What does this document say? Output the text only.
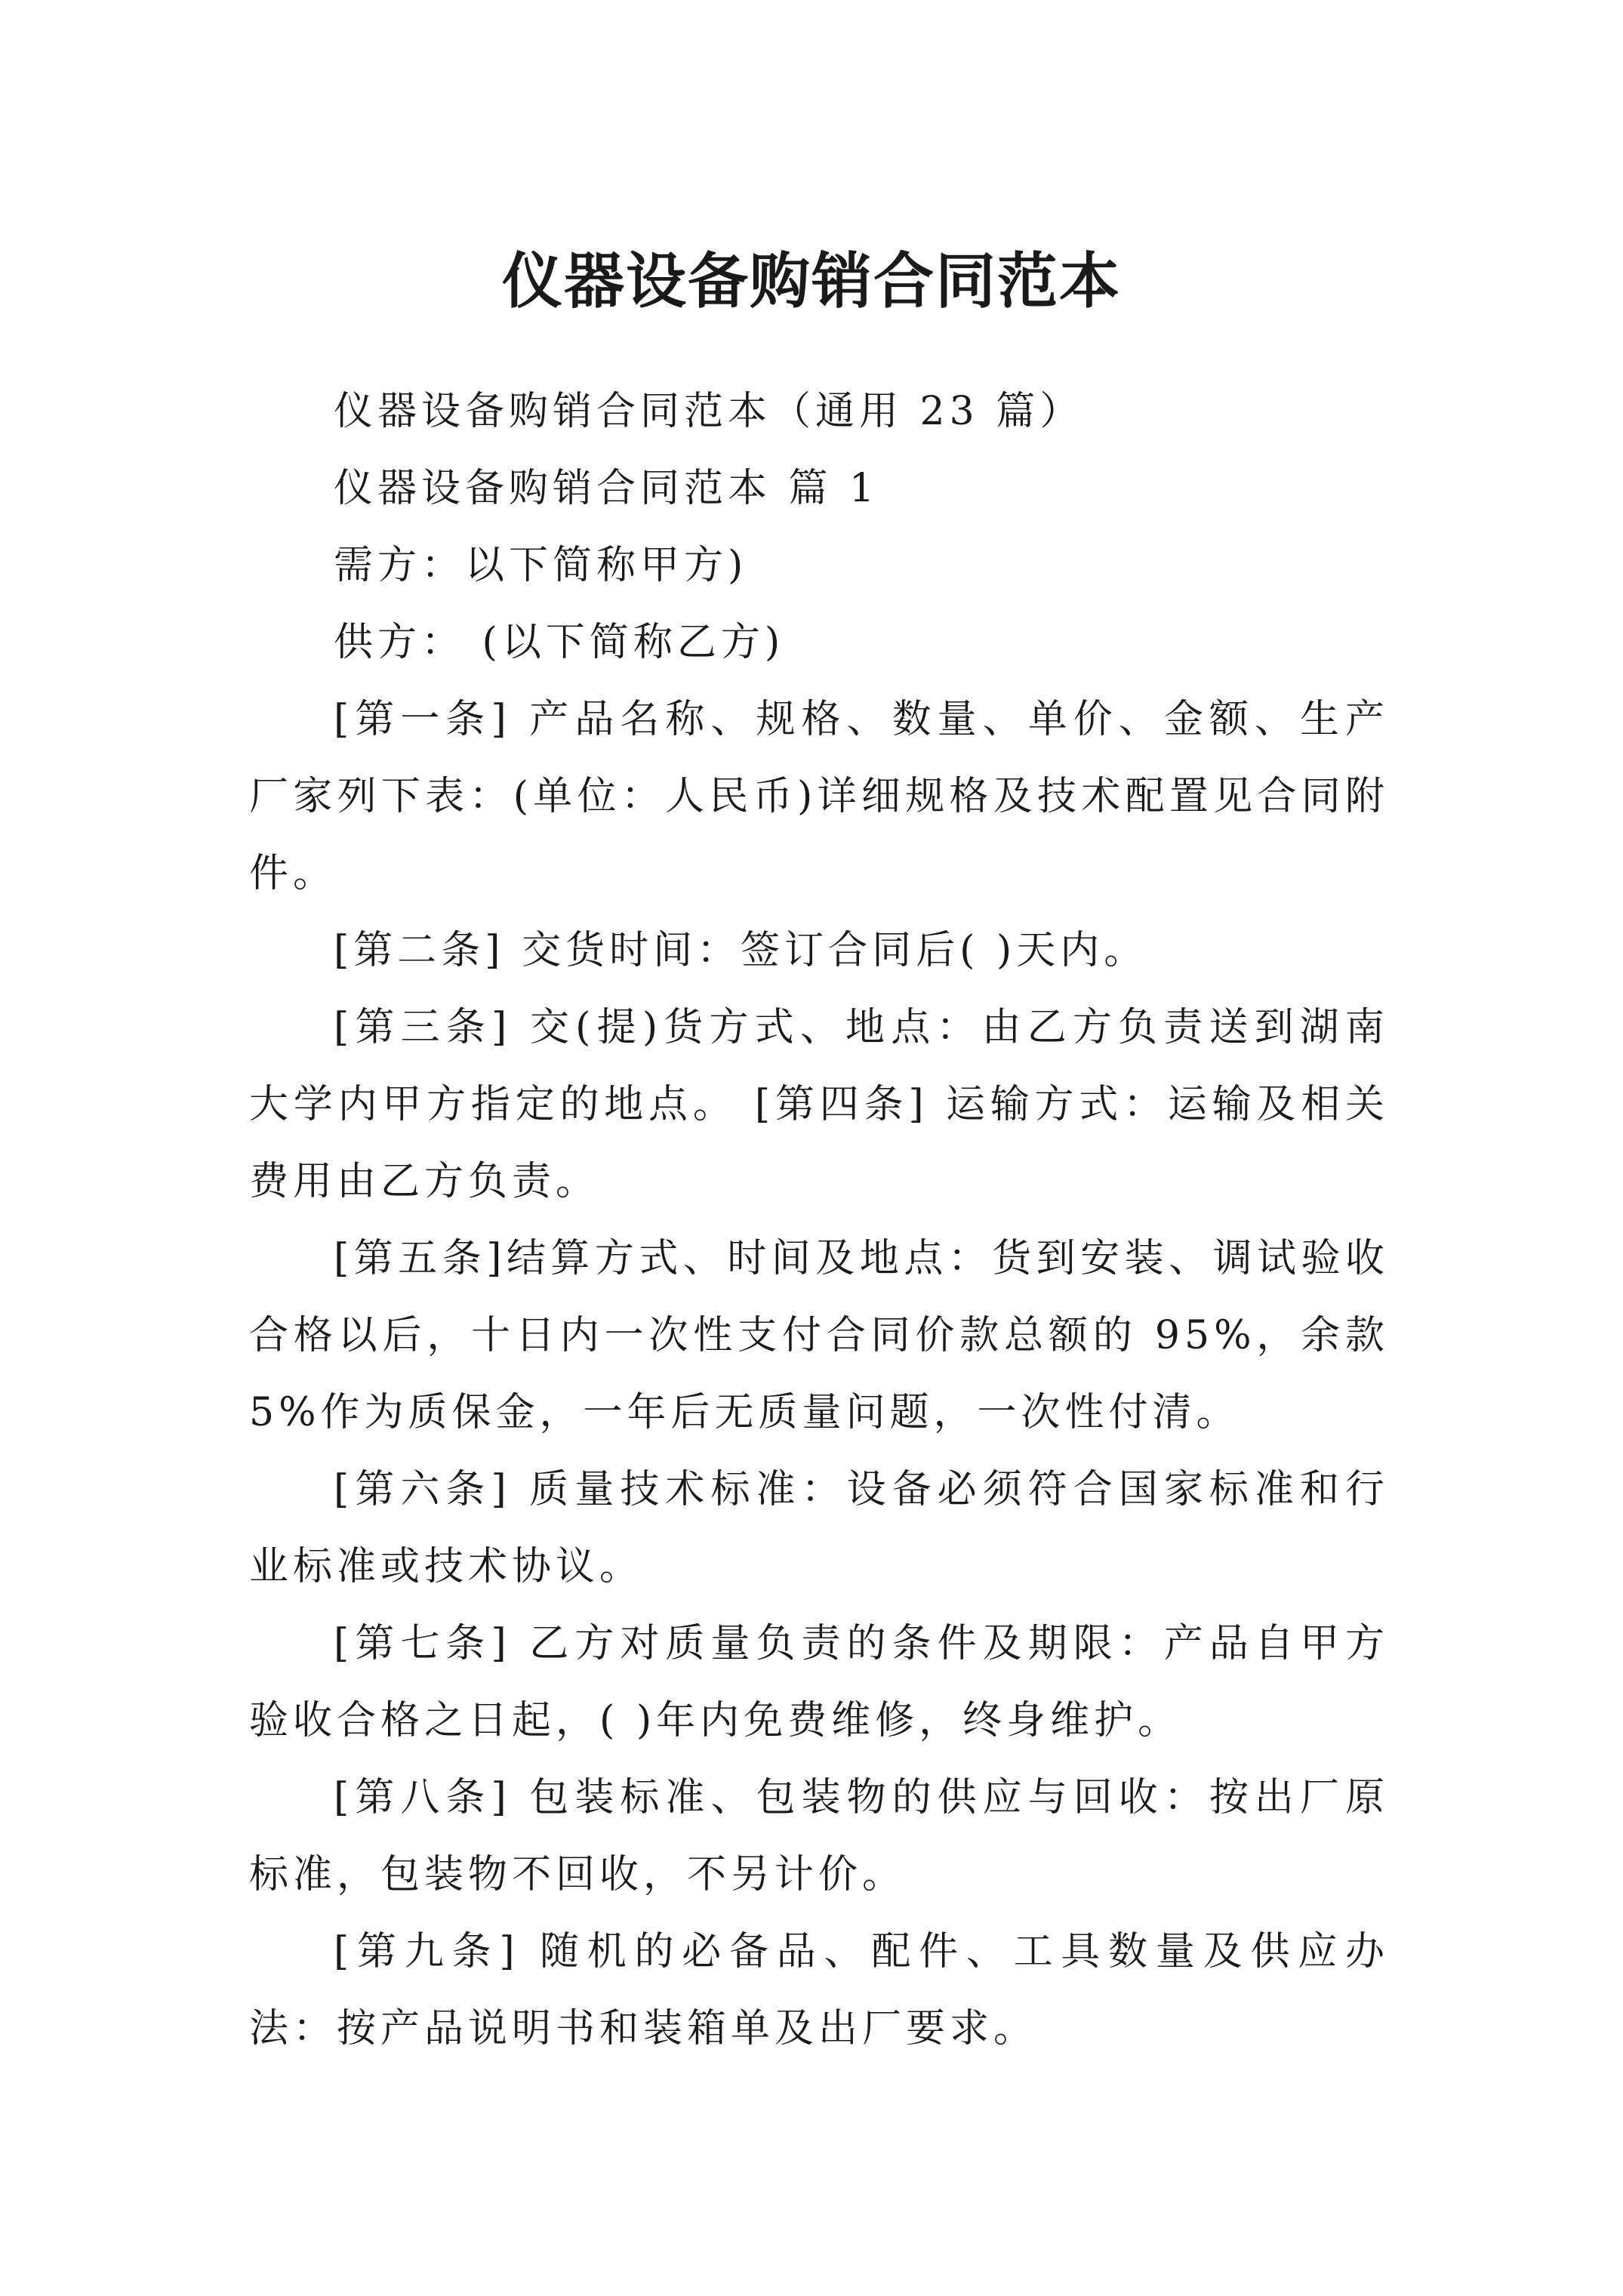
仪器设备购销合同范本

仪器设备购销合同范本（通用 23 篇）

仪器设备购销合同范本 篇 1

需方：以下简称甲方)

供方： (以下简称乙方)

[第一条] 产品名称、规格、数量、单价、金额、生产厂家列下表：(单位：人民币)详细规格及技术配置见合同附件。

[第二条] 交货时间：签订合同后( )天内。

[第三条] 交(提)货方式、地点：由乙方负责送到湖南大学内甲方指定的地点。 [第四条] 运输方式：运输及相关费用由乙方负责。

[第五条]结算方式、时间及地点：货到安装、调试验收合格以后，十日内一次性支付合同价款总额的 95%，余款 5%作为质保金，一年后无质量问题，一次性付清。

[第六条] 质量技术标准：设备必须符合国家标准和行业标准或技术协议。

[第七条] 乙方对质量负责的条件及期限：产品自甲方验收合格之日起，( )年内免费维修，终身维护。

[第八条] 包装标准、包装物的供应与回收：按出厂原标准，包装物不回收，不另计价。

[第九条] 随机的必备品、配件、工具数量及供应办法：按产品说明书和装箱单及出厂要求。
